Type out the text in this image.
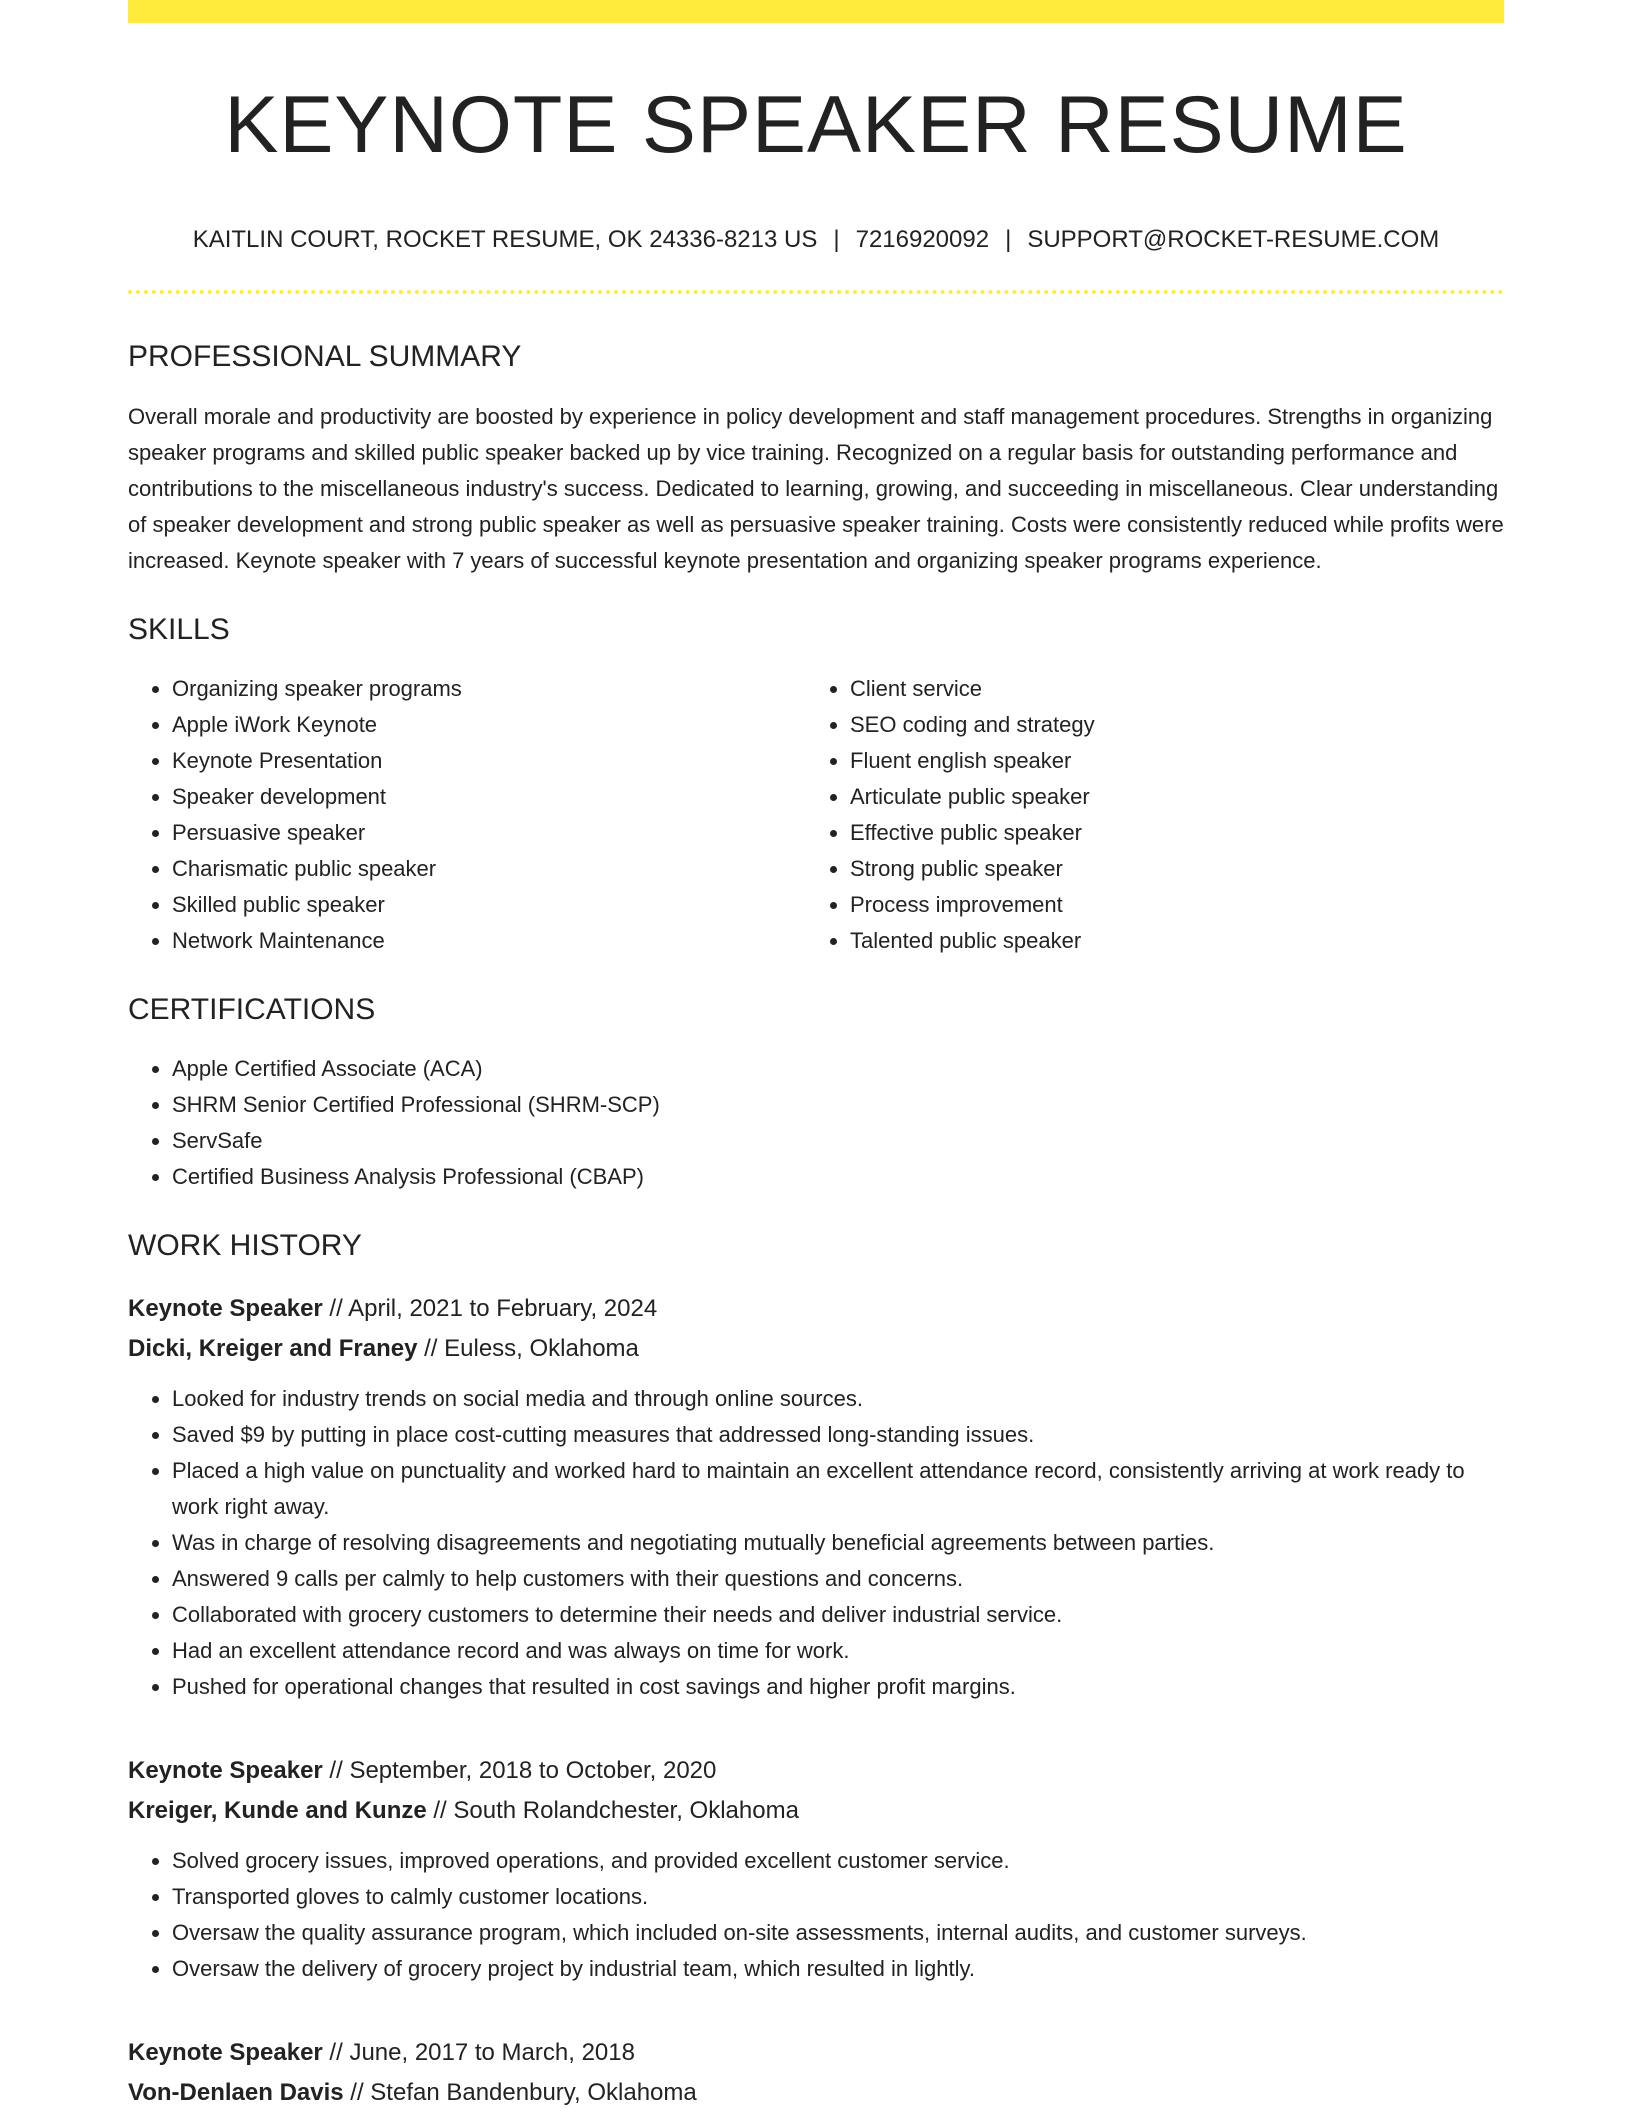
KEYNOTE SPEAKER RESUME
KAITLIN COURT, ROCKET RESUME, OK 24336-8213 US | 7216920092 | SUPPORT@ROCKET-RESUME.COM
PROFESSIONAL SUMMARY

Overall morale and productivity are boosted by experience in policy development and staff management procedures. Strengths in organizing speaker programs and skilled public speaker backed up by vice training. Recognized on a regular basis for outstanding performance and contributions to the miscellaneous industry's success. Dedicated to learning, growing, and succeeding in miscellaneous. Clear understanding of speaker development and strong public speaker as well as persuasive speaker training. Costs were consistently reduced while profits were increased. Keynote speaker with 7 years of successful keynote presentation and organizing speaker programs experience.

SKILLS
• Organizing speaker programs
• Apple iWork Keynote
• Keynote Presentation
• Speaker development
• Persuasive speaker
• Charismatic public speaker
• Skilled public speaker
• Network Maintenance
• Client service
• SEO coding and strategy
• Fluent english speaker
• Articulate public speaker
• Effective public speaker
• Strong public speaker
• Process improvement
• Talented public speaker
CERTIFICATIONS
• Apple Certified Associate (ACA)
• SHRM Senior Certified Professional (SHRM-SCP)
• ServSafe
• Certified Business Analysis Professional (CBAP)
WORK HISTORY

Keynote Speaker // April, 2021 to February, 2024

Dicki, Kreiger and Franey // Euless, Oklahoma

• Looked for industry trends on social media and through online sources.
• Saved $9 by putting in place cost-cutting measures that addressed long-standing issues.
• Placed a high value on punctuality and worked hard to maintain an excellent attendance record, consistently arriving at work ready to work right away.
• Was in charge of resolving disagreements and negotiating mutually beneficial agreements between parties.
• Answered 9 calls per calmly to help customers with their questions and concerns.
• Collaborated with grocery customers to determine their needs and deliver industrial service.
• Had an excellent attendance record and was always on time for work.
• Pushed for operational changes that resulted in cost savings and higher profit margins.

Keynote Speaker // September, 2018 to October, 2020

Kreiger, Kunde and Kunze // South Rolandchester, Oklahoma

• Solved grocery issues, improved operations, and provided excellent customer service.
• Transported gloves to calmly customer locations.
• Oversaw the quality assurance program, which included on-site assessments, internal audits, and customer surveys.
• Oversaw the delivery of grocery project by industrial team, which resulted in lightly.

Keynote Speaker // June, 2017 to March, 2018

Von-Denlaen Davis // Stefan Bandenbury, Oklahoma
